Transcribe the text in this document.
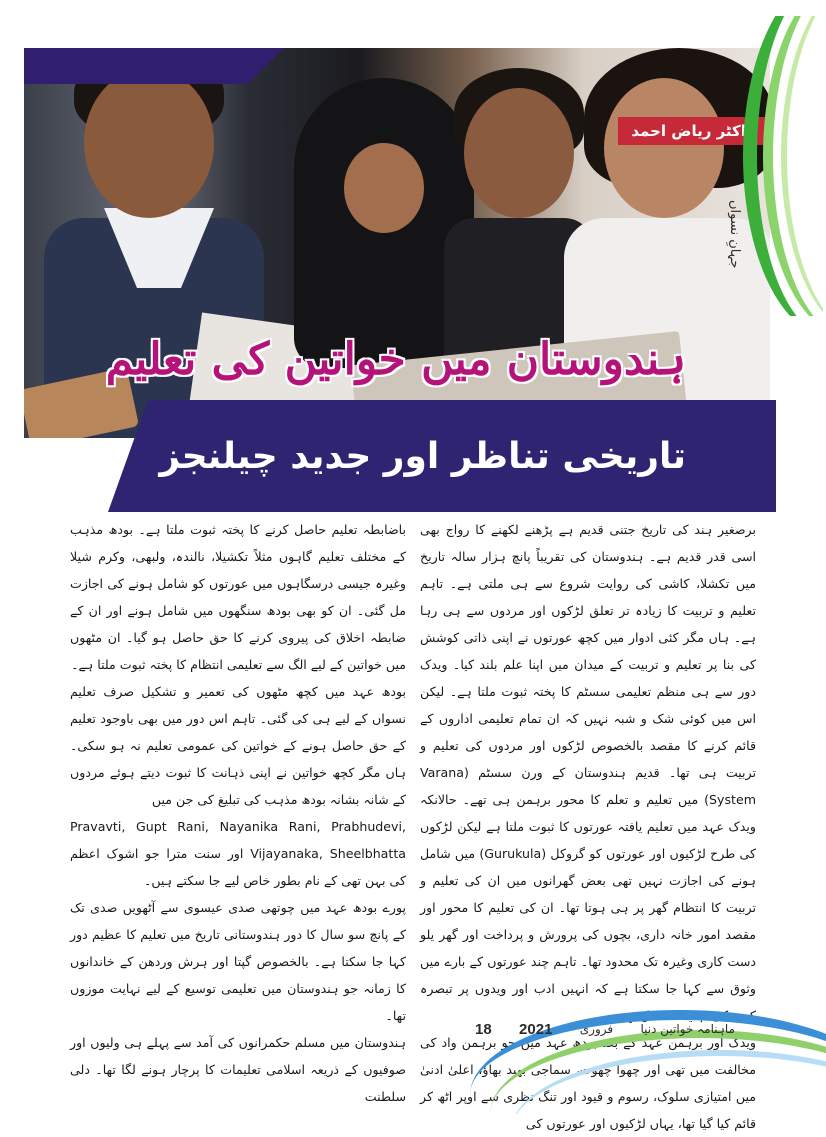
ڈاکٹر ریاض احمد
جہانِ نسواں
ہندوستان میں خواتین کی تعلیم
تاریخی تناظر اور جدید چیلنجز

برصغیر ہند کی تاریخ جتنی قدیم ہے پڑھنے لکھنے کا رواج بھی اسی قدر قدیم ہے۔ ہندوستان کی تقریباً پانچ ہزار سالہ تاریخ میں تکشلا، کاشی کی روایت شروع سے ہی ملتی ہے۔ تاہم تعلیم و تربیت کا زیادہ تر تعلق لڑکوں اور مردوں سے ہی رہا ہے۔ ہاں مگر کئی ادوار میں کچھ عورتوں نے اپنی ذاتی کوشش کی بنا پر تعلیم و تربیت کے میدان میں اپنا علم بلند کیا۔ ویدک دور سے ہی منظم تعلیمی سسٹم کا پختہ ثبوت ملتا ہے۔ لیکن اس میں کوئی شک و شبہ نہیں کہ ان تمام تعلیمی اداروں کے قائم کرنے کا مقصد بالخصوص لڑکوں اور مردوں کی تعلیم و تربیت ہی تھا۔ قدیم ہندوستان کے ورن سسٹم (Varana System) میں تعلیم و تعلم کا محور برہمن ہی تھے۔ حالانکہ ویدک عہد میں تعلیم یافتہ عورتوں کا ثبوت ملتا ہے لیکن لڑکوں کی طرح لڑکیوں اور عورتوں کو گروکل (Gurukula) میں شامل ہونے کی اجازت نہیں تھی بعض گھرانوں میں ان کی تعلیم و تربیت کا انتظام گھر پر ہی ہوتا تھا۔ ان کی تعلیم کا محور اور مقصد امور خانہ داری، بچوں کی پرورش و پرداخت اور گھر یلو دست کاری وغیرہ تک محدود تھا۔ تاہم چند عورتوں کے بارے میں وثوق سے کہا جا سکتا ہے کہ انہیں ادب اور ویدوں پر تبصرہ کرنے کی اہلیت حاصل تھی۔

ویدک اور برہمن عہد کے بعد بودھ عہد میں جو برہمن واد کی مخالفت میں تھی اور چھوا چھوت، سماجی بھید بھاؤ، اعلیٰ ادنیٰ میں امتیازی سلوک، رسوم و قیود اور تنگ نظری سے اوپر اٹھ کر قائم کیا گیا تھا، یہاں لڑکیوں اور عورتوں کی

باضابطہ تعلیم حاصل کرنے کا پختہ ثبوت ملتا ہے۔ بودھ مذہب کے مختلف تعلیم گاہوں مثلاً تکشیلا، نالندہ، ولبھی، وکرم شیلا وغیرہ جیسی درسگاہوں میں عورتوں کو شامل ہونے کی اجازت مل گئی۔ ان کو بھی بودھ سنگھوں میں شامل ہونے اور ان کے ضابطہ اخلاق کی پیروی کرنے کا حق حاصل ہو گیا۔ ان مٹھوں میں خواتین کے لیے الگ سے تعلیمی انتظام کا پختہ ثبوت ملتا ہے۔

بودھ عہد میں کچھ مٹھوں کی تعمیر و تشکیل صرف تعلیم نسواں کے لیے ہی کی گئی۔ تاہم اس دور میں بھی باوجود تعلیم کے حق حاصل ہونے کے خواتین کی عمومی تعلیم نہ ہو سکی۔ ہاں مگر کچھ خواتین نے اپنی ذہانت کا ثبوت دیتے ہوئے مردوں کے شانہ بشانہ بودھ مذہب کی تبلیغ کی جن میں

Pravavti, Gupt Rani, Nayanika Rani, Prabhudevi, Vijayanaka, Sheelbhatta اور سنت مترا جو اشوک اعظم کی بہن تھی کے نام بطور خاص لیے جا سکتے ہیں۔

پورے بودھ عہد میں چوتھی صدی عیسوی سے آٹھویں صدی تک کے پانچ سو سال کا دور ہندوستانی تاریخ میں تعلیم کا عظیم دور کہا جا سکتا ہے۔ بالخصوص گپتا اور ہرش وردھن کے خاندانوں کا زمانہ جو ہندوستان میں تعلیمی توسیع کے لیے نہایت موزوں تھا۔

ہندوستان میں مسلم حکمرانوں کی آمد سے پہلے ہی ولیوں اور صوفیوں کے ذریعہ اسلامی تعلیمات کا پرچار ہونے لگا تھا۔ دلی سلطنت

18 2021 فروری ماہنامہ خواتین دنیا
